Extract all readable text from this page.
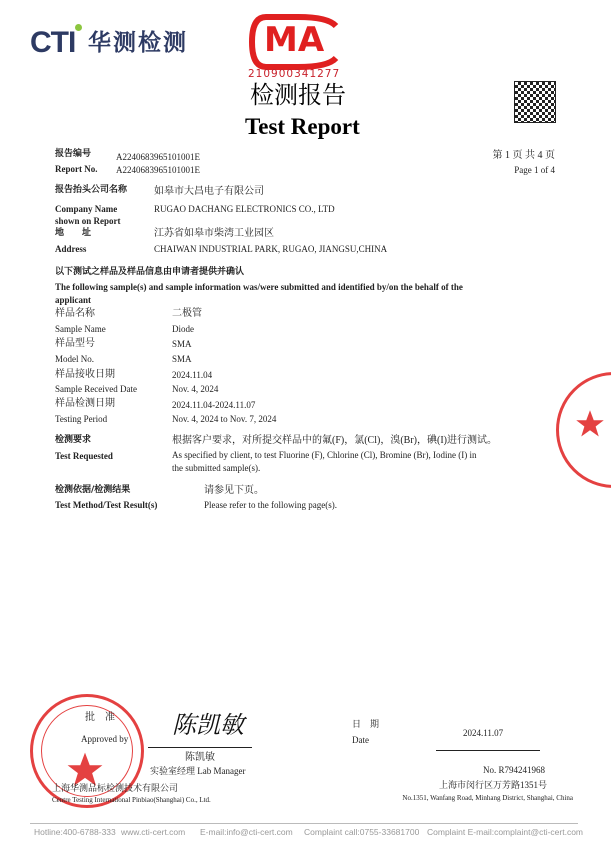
CTI 华测检测 MA
210900341277
检测报告
Test Report
报告编号
Report No.
A2240683965101001E
A2240683965101001E
第 1 页 共 4 页
Page 1 of 4
报告抬头公司名称
Company Name
shown on Report
如皋市大昌电子有限公司
RUGAO DACHANG ELECTRONICS CO., LTD
地　　址
Address
江苏省如皋市柴湾工业园区
CHAIWAN INDUSTRIAL PARK, RUGAO, JIANGSU,CHINA
以下测试之样品及样品信息由申请者提供并确认
The following sample(s) and sample information was/were submitted and identified by/on the behalf of the
applicant
样品名称
Sample Name
二极管
Diode
样品型号
Model No.
SMA
SMA
样品接收日期
Sample Received Date
2024.11.04
Nov. 4, 2024
样品检测日期
Testing Period
2024.11.04-2024.11.07
Nov. 4, 2024 to Nov. 7, 2024
检测要求
Test Requested
根据客户要求，对所提交样品中的氟(F)，氯(Cl)，溴(Br)，碘(I)进行测试。
As specified by client, to test Fluorine (F), Chlorine (Cl), Bromine (Br), Iodine (I) in
the submitted sample(s).
检测依据/检测结果
Test Method/Test Result(s)
请参见下页。
Please refer to the following page(s).
批　准
Approved by 陈凯敏
陈凯敏
实验室经理 Lab Manager
上海华测品标检测技术有限公司
Centre Testing International Pinbiao(Shanghai) Co., Ltd.
日　期
Date
2024.11.07
No. R794241968
上海市闵行区万芳路1351号
No.1351, Wanfang Road, Minhang District, Shanghai, China
Hotline:400-6788-333 www.cti-cert.com E-mail:info@cti-cert.com Complaint call:0755-33681700 Complaint E-mail:complaint@cti-cert.com
